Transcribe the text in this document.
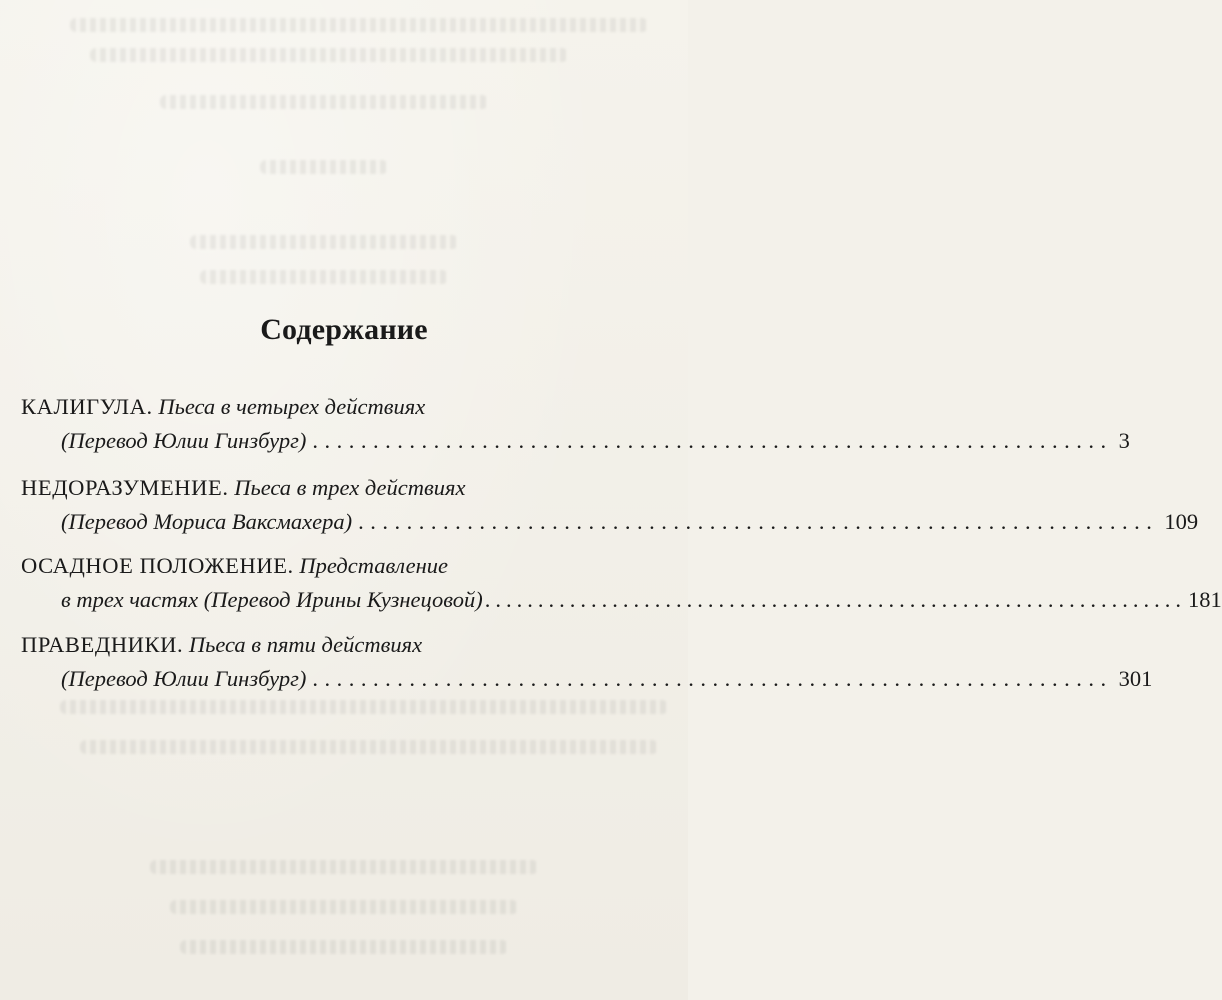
Содержание
КАЛИГУЛА. Пьеса в четырех действиях
(Перевод Юлии Гинзбург) .................................................................. 3
НЕДОРАЗУМЕНИЕ. Пьеса в трех действиях
(Перевод Мориса Ваксмахера) .................................................................. 109
ОСАДНОЕ ПОЛОЖЕНИЕ. Представление
в трех частях (Перевод Ирины Кузнецовой) .................................................................. 181
ПРАВЕДНИКИ. Пьеса в пяти действиях
(Перевод Юлии Гинзбург) .................................................................. 301
